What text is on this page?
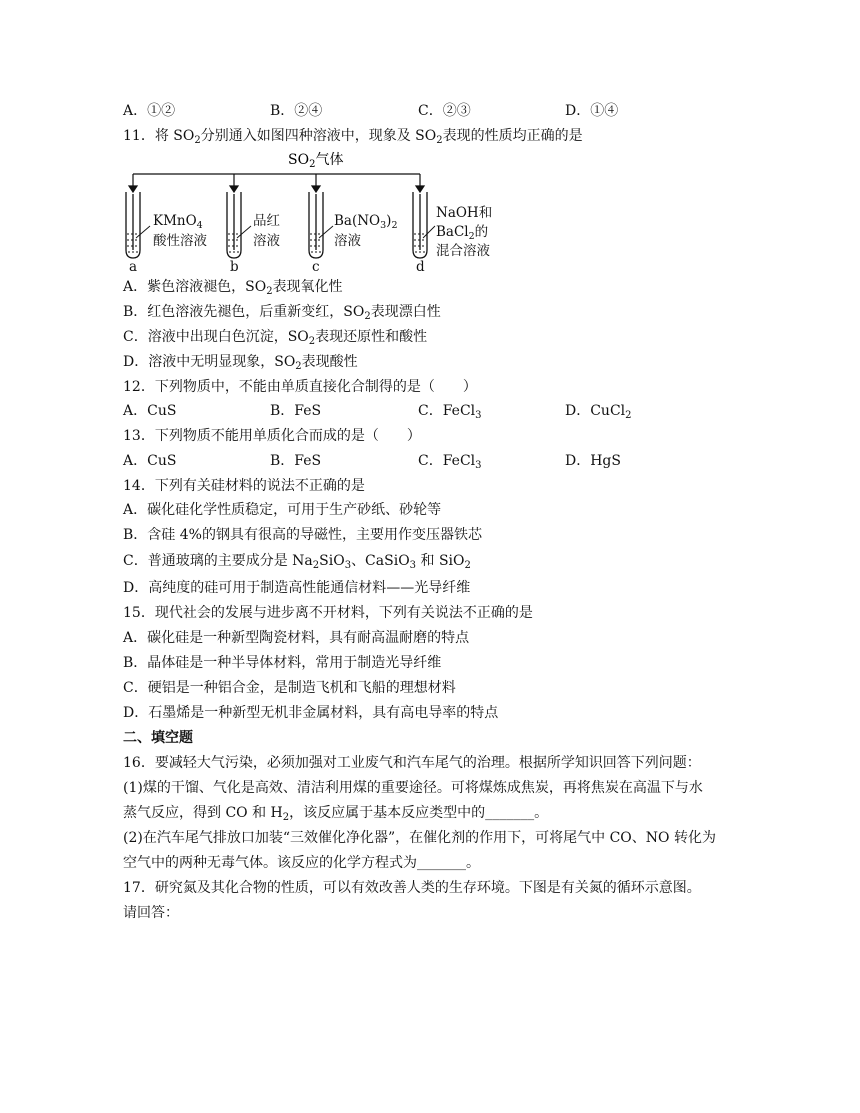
A．①②	B．②④	C．②③	D．①④
11．将 $SO_2$分别通入如图四种溶液中，现象及 $SO_2$表现的性质均正确的是
$SO_2$气体
KMnO$_4$
酸性溶液
品红
溶液
$Ba(NO_3)_2$
溶液
NaOH和
BaCl$_2$的
混合溶液
a	b	c	d
A．紫色溶液褪色，$SO_2$表现氧化性
B．红色溶液先褪色，后重新变红，$SO_2$表现漂白性
C．溶液中出现白色沉淀，$SO_2$表现还原性和酸性
D．溶液中无明显现象，$SO_2$表现酸性
12．下列物质中，不能由单质直接化合制得的是（　　）
A．CuS	B．FeS	C．FeCl$_3$	D．CuCl$_2$
13．下列物质不能用单质化合而成的是（　　）
A．CuS	B．FeS	C．FeCl$_3$	D．HgS
14．下列有关硅材料的说法不正确的是
A．碳化硅化学性质稳定，可用于生产砂纸、砂轮等
B．含硅 4%的钢具有很高的导磁性，主要用作变压器铁芯
C．普通玻璃的主要成分是 $Na_2SiO_3$、CaSiO$_3$ 和 SiO$_2$
D．高纯度的硅可用于制造高性能通信材料——光导纤维
15．现代社会的发展与进步离不开材料，下列有关说法不正确的是
A．碳化硅是一种新型陶瓷材料，具有耐高温耐磨的特点
B．晶体硅是一种半导体材料，常用于制造光导纤维
C．硬铝是一种铝合金，是制造飞机和飞船的理想材料
D．石墨烯是一种新型无机非金属材料，具有高电导率的特点
二、填空题
16．要减轻大气污染，必须加强对工业废气和汽车尾气的治理。根据所学知识回答下列问题：
(1)煤的干馏、气化是高效、清洁利用煤的重要途径。可将煤炼成焦炭，再将焦炭在高温下与水
蒸气反应，得到 CO 和 $H_2$，该反应属于基本反应类型中的_______。
(2)在汽车尾气排放口加装“三效催化净化器”，在催化剂的作用下，可将尾气中 CO、NO 转化为
空气中的两种无毒气体。该反应的化学方程式为_______。
17．研究氮及其化合物的性质，可以有效改善人类的生存环境。下图是有关氮的循环示意图。
请回答：
